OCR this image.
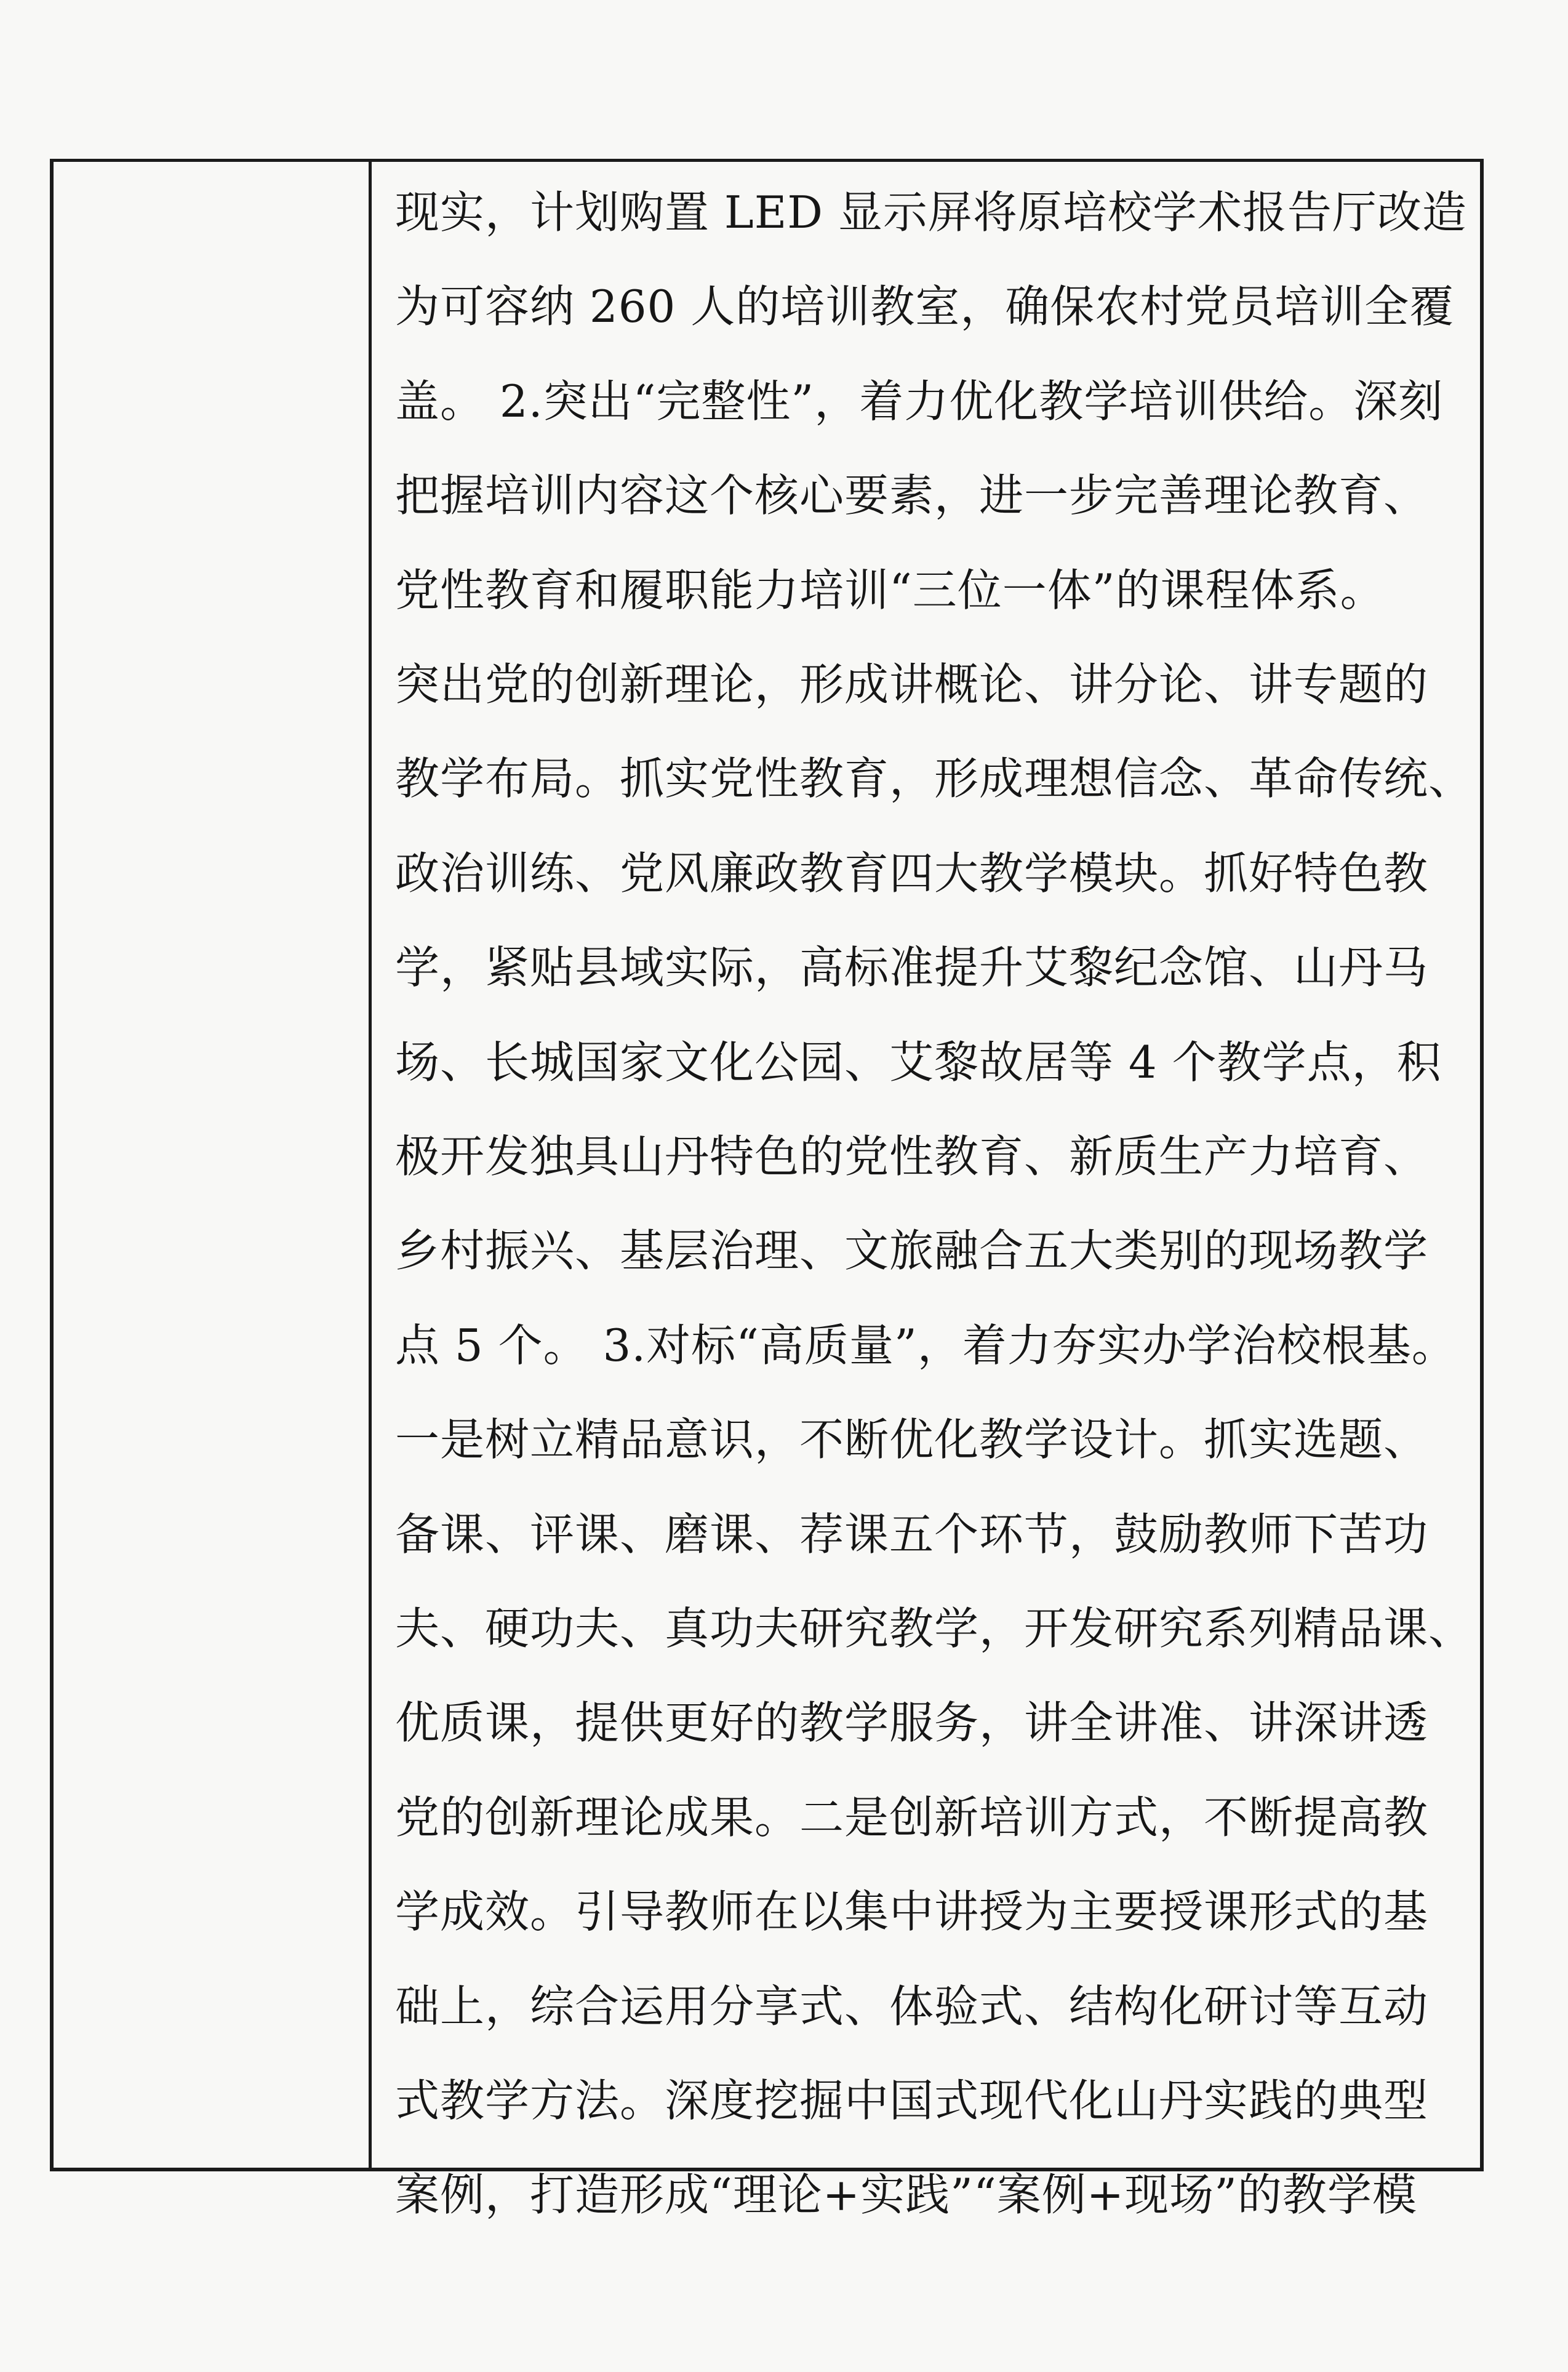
现实，计划购置 LED 显示屏将原培校学术报告厅改造
为可容纳 260 人的培训教室，确保农村党员培训全覆
盖。 2.突出“完整性”，着力优化教学培训供给。深刻
把握培训内容这个核心要素，进一步完善理论教育、
党性教育和履职能力培训“三位一体”的课程体系。
突出党的创新理论，形成讲概论、讲分论、讲专题的
教学布局。抓实党性教育，形成理想信念、革命传统、
政治训练、党风廉政教育四大教学模块。抓好特色教
学，紧贴县域实际，高标准提升艾黎纪念馆、山丹马
场、长城国家文化公园、艾黎故居等 4 个教学点，积
极开发独具山丹特色的党性教育、新质生产力培育、
乡村振兴、基层治理、文旅融合五大类别的现场教学
点 5 个。 3.对标“高质量”，着力夯实办学治校根基。
一是树立精品意识，不断优化教学设计。抓实选题、
备课、评课、磨课、荐课五个环节，鼓励教师下苦功
夫、硬功夫、真功夫研究教学，开发研究系列精品课、
优质课，提供更好的教学服务，讲全讲准、讲深讲透
党的创新理论成果。二是创新培训方式，不断提高教
学成效。引导教师在以集中讲授为主要授课形式的基
础上，综合运用分享式、体验式、结构化研讨等互动
式教学方法。深度挖掘中国式现代化山丹实践的典型
案例，打造形成“理论+实践”“案例+现场”的教学模
